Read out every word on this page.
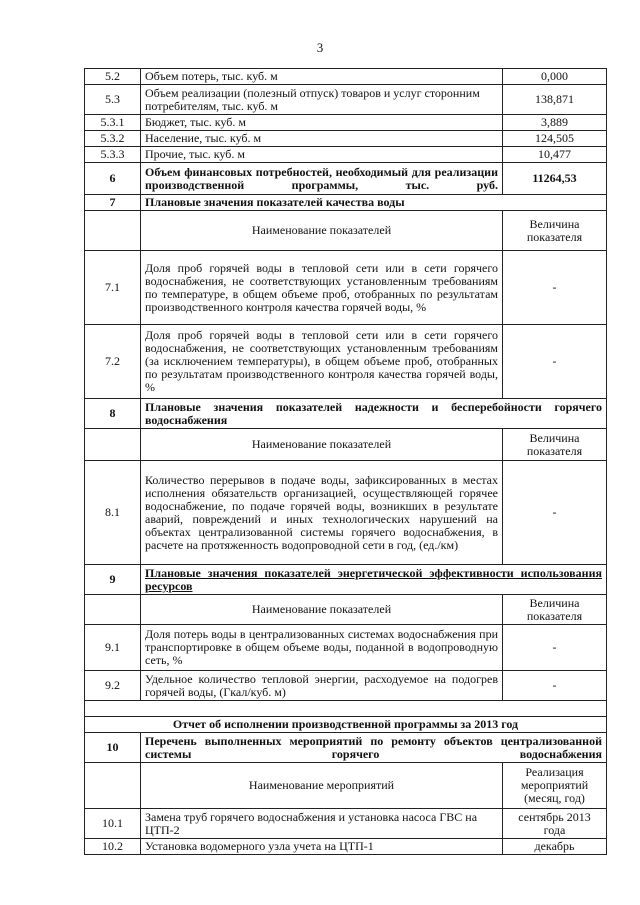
3
5.2	Объем потерь, тыс. куб. м	0,000
5.3	Объем реализации (полезный отпуск) товаров и услуг сторонним потребителям, тыс. куб. м	138,871
5.3.1	Бюджет, тыс. куб. м	3,889
5.3.2	Население, тыс. куб. м	124,505
5.3.3	Прочие, тыс. куб. м	10,477
6	Объем финансовых потребностей, необходимый для реализации производственной программы, тыс. руб.	11264,53
7	Плановые значения показателей качества воды	
	Наименование показателей	Величина показателя
7.1	Доля проб горячей воды в тепловой сети или в сети горячего водоснабжения, не соответствующих установленным требованиям по температуре, в общем объеме проб, отобранных по результатам производственного контроля качества горячей воды, %	-
7.2	Доля проб горячей воды в тепловой сети или в сети горячего водоснабжения, не соответствующих установленным требованиям (за исключением температуры), в общем объеме проб, отобранных по результатам производственного контроля качества горячей воды, %	-
8	Плановые значения показателей надежности и бесперебойности горячего водоснабжения	
	Наименование показателей	Величина показателя
8.1	Количество перерывов в подаче воды, зафиксированных в местах исполнения обязательств организацией, осуществляющей горячее водоснабжение, по подаче горячей воды, возникших в результате аварий, повреждений и иных технологических нарушений на объектах централизованной системы горячего водоснабжения, в расчете на протяженность водопроводной сети в год, (ед./км)	-
9	Плановые значения показателей энергетической эффективности использования ресурсов	
	Наименование показателей	Величина показателя
9.1	Доля потерь воды в централизованных системах водоснабжения при транспортировке в общем объеме воды, поданной в водопроводную сеть, %	-
9.2	Удельное количество тепловой энергии, расходуемое на подогрев горячей воды, (Гкал/куб. м)	-

Отчет об исполнении производственной программы за 2013 год		
10	Перечень выполненных мероприятий по ремонту объектов централизованной системы горячего водоснабжения	
	Наименование мероприятий	Реализация мероприятий (месяц, год)
10.1	Замена труб горячего водоснабжения и установка насоса ГВС на ЦТП-2	сентябрь 2013 года
10.2	Установка водомерного узла учета на ЦТП-1	декабрь
